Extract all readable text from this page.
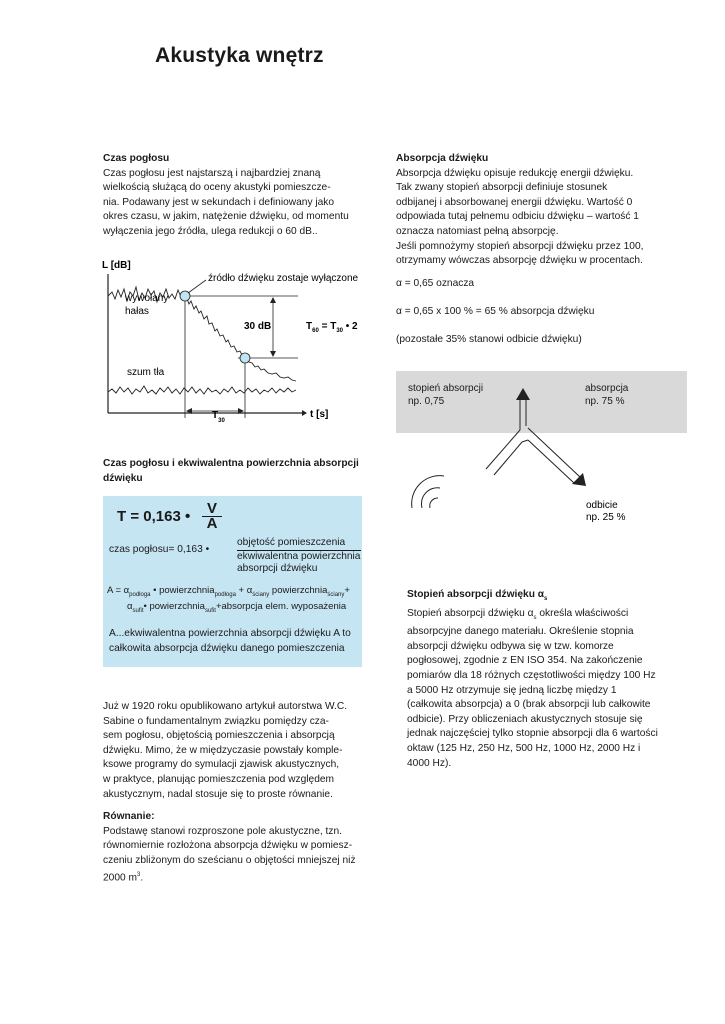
Akustyka wnętrz
Czas pogłosu
Czas pogłosu jest najstarszą i najbardziej znaną
wielkością służącą do oceny akustyki pomieszcze-
nia. Podawany jest w sekundach i definiowany jako
okres czasu, w jakim, natężenie dźwięku, od momentu
wyłączenia jego źródła, ulega redukcji o 60 dB..
L [dB]
źródło dźwięku zostaje wyłączone
wywołany
hałas
30 dB	$T_{60} = T_{30}$ • 2
szum tła
$T_{30}$
t [s]
Czas pogłosu i ekwiwalentna powierzchnia absorpcji
dźwięku
T = 0,163 • V
A
czas pogłosu= 0,163 •
objętość pomieszczenia
ekwiwalentna powierzchnia
absorpcji dźwięku
$A = \alpha_{podłoga}$ • powierzchnia$_{podłoga}$ + $\alpha_{ściany}$ powierzchnia$_{ściany}$+
$\alpha_{sufit}•$ powierzchnia$_{sufit}$+absorpcja elem. wyposażenia
A...ekwiwalentna powierzchnia absorpcji dźwięku A to
całkowita absorpcja dźwięku danego pomieszczenia
Już w 1920 roku opublikowano artykuł autorstwa W.C.
Sabine o fundamentalnym związku pomiędzy cza-
sem pogłosu, objętością pomieszczenia i absorpcją
dźwięku. Mimo, że w międzyczasie powstały komple-
ksowe programy do symulacji zjawisk akustycznych,
w praktyce, planując pomieszczenia pod względem
akustycznym, nadal stosuje się to proste równanie.
Równanie:
Podstawę stanowi rozproszone pole akustyczne, tzn.
równomiernie rozłożona absorpcja dźwięku w pomiesz-
czeniu zbliżonym do sześcianu o objętości mniejszej niż
2000 $m^3$.
Absorpcja dźwięku
Absorpcja dźwięku opisuje redukcję energii dźwięku.
Tak zwany stopień absorpcji definiuje stosunek
odbijanej i absorbowanej energii dźwięku. Wartość 0
odpowiada tutaj pełnemu odbiciu dźwięku – wartość 1
oznacza natomiast pełną absorpcję.
Jeśli pomnożymy stopień absorpcji dźwięku przez 100,
otrzymamy wówczas absorpcję dźwięku w procentach.
α = 0,65 oznacza
α = 0,65 x 100 % = 65 % absorpcja dźwięku
(pozostałe 35% stanowi odbicie dźwięku)
stopień absorpcji
np. 0,75
absorpcja
np. 75 %
odbicie
np. 25 %
Stopień absorpcji dźwięku $\alpha_s$
Stopień absorpcji dźwięku $\alpha_s$ określa właściwości
absorpcyjne danego materiału. Określenie stopnia
absorpcji dźwięku odbywa się w tzw. komorze
pogłosowej, zgodnie z EN ISO 354. Na zakończenie
pomiarów dla 18 różnych częstotliwości między 100 Hz
a 5000 Hz otrzymuje się jedną liczbę między 1
(całkowita absorpcja) a 0 (brak absorpcji lub całkowite
odbicie). Przy obliczeniach akustycznych stosuje się
jednak najczęściej tylko stopnie absorpcji dla 6 wartości
oktaw (125 Hz, 250 Hz, 500 Hz, 1000 Hz, 2000 Hz i
4000 Hz).
